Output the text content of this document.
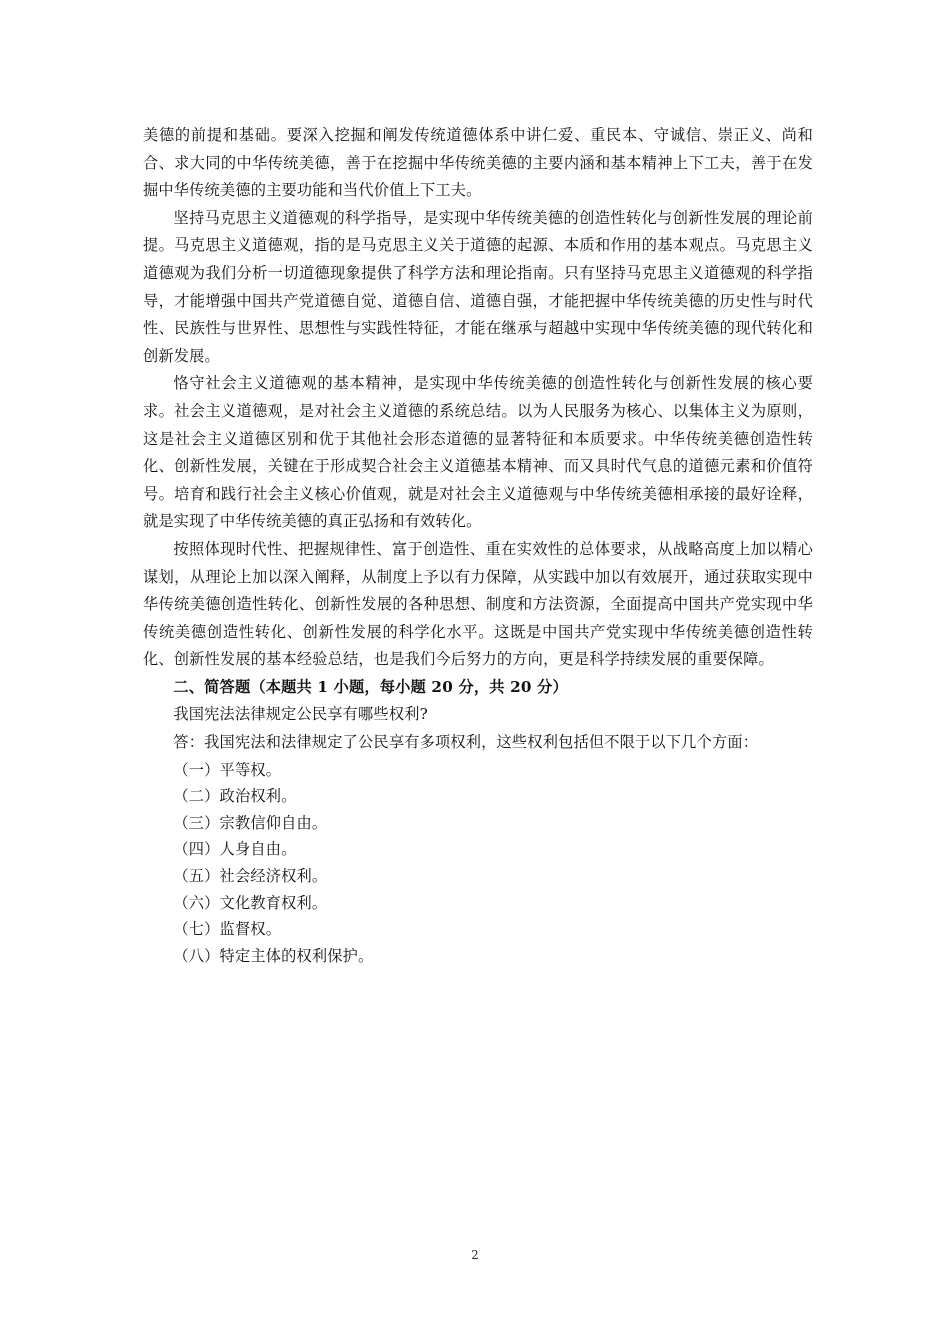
美德的前提和基础。要深入挖掘和阐发传统道德体系中讲仁爱、重民本、守诚信、崇正义、尚和合、求大同的中华传统美德，善于在挖掘中华传统美德的主要内涵和基本精神上下工夫，善于在发掘中华传统美德的主要功能和当代价值上下工夫。

坚持马克思主义道德观的科学指导，是实现中华传统美德的创造性转化与创新性发展的理论前提。马克思主义道德观，指的是马克思主义关于道德的起源、本质和作用的基本观点。马克思主义道德观为我们分析一切道德现象提供了科学方法和理论指南。只有坚持马克思主义道德观的科学指导，才能增强中国共产党道德自觉、道德自信、道德自强，才能把握中华传统美德的历史性与时代性、民族性与世界性、思想性与实践性特征，才能在继承与超越中实现中华传统美德的现代转化和创新发展。

恪守社会主义道德观的基本精神，是实现中华传统美德的创造性转化与创新性发展的核心要求。社会主义道德观，是对社会主义道德的系统总结。以为人民服务为核心、以集体主义为原则，这是社会主义道德区别和优于其他社会形态道德的显著特征和本质要求。中华传统美德创造性转化、创新性发展，关键在于形成契合社会主义道德基本精神、而又具时代气息的道德元素和价值符号。培育和践行社会主义核心价值观，就是对社会主义道德观与中华传统美德相承接的最好诠释，就是实现了中华传统美德的真正弘扬和有效转化。

按照体现时代性、把握规律性、富于创造性、重在实效性的总体要求，从战略高度上加以精心谋划，从理论上加以深入阐释，从制度上予以有力保障，从实践中加以有效展开，通过获取实现中华传统美德创造性转化、创新性发展的各种思想、制度和方法资源，全面提高中国共产党实现中华传统美德创造性转化、创新性发展的科学化水平。这既是中国共产党实现中华传统美德创造性转化、创新性发展的基本经验总结，也是我们今后努力的方向，更是科学持续发展的重要保障。

二、简答题（本题共 1 小题，每小题 20 分，共 20 分）

我国宪法法律规定公民享有哪些权利?

答：我国宪法和法律规定了公民享有多项权利，这些权利包括但不限于以下几个方面：

（一）平等权。
（二）政治权利。
（三）宗教信仰自由。
（四）人身自由。
（五）社会经济权利。
（六）文化教育权利。
（七）监督权。
（八）特定主体的权利保护。
2
